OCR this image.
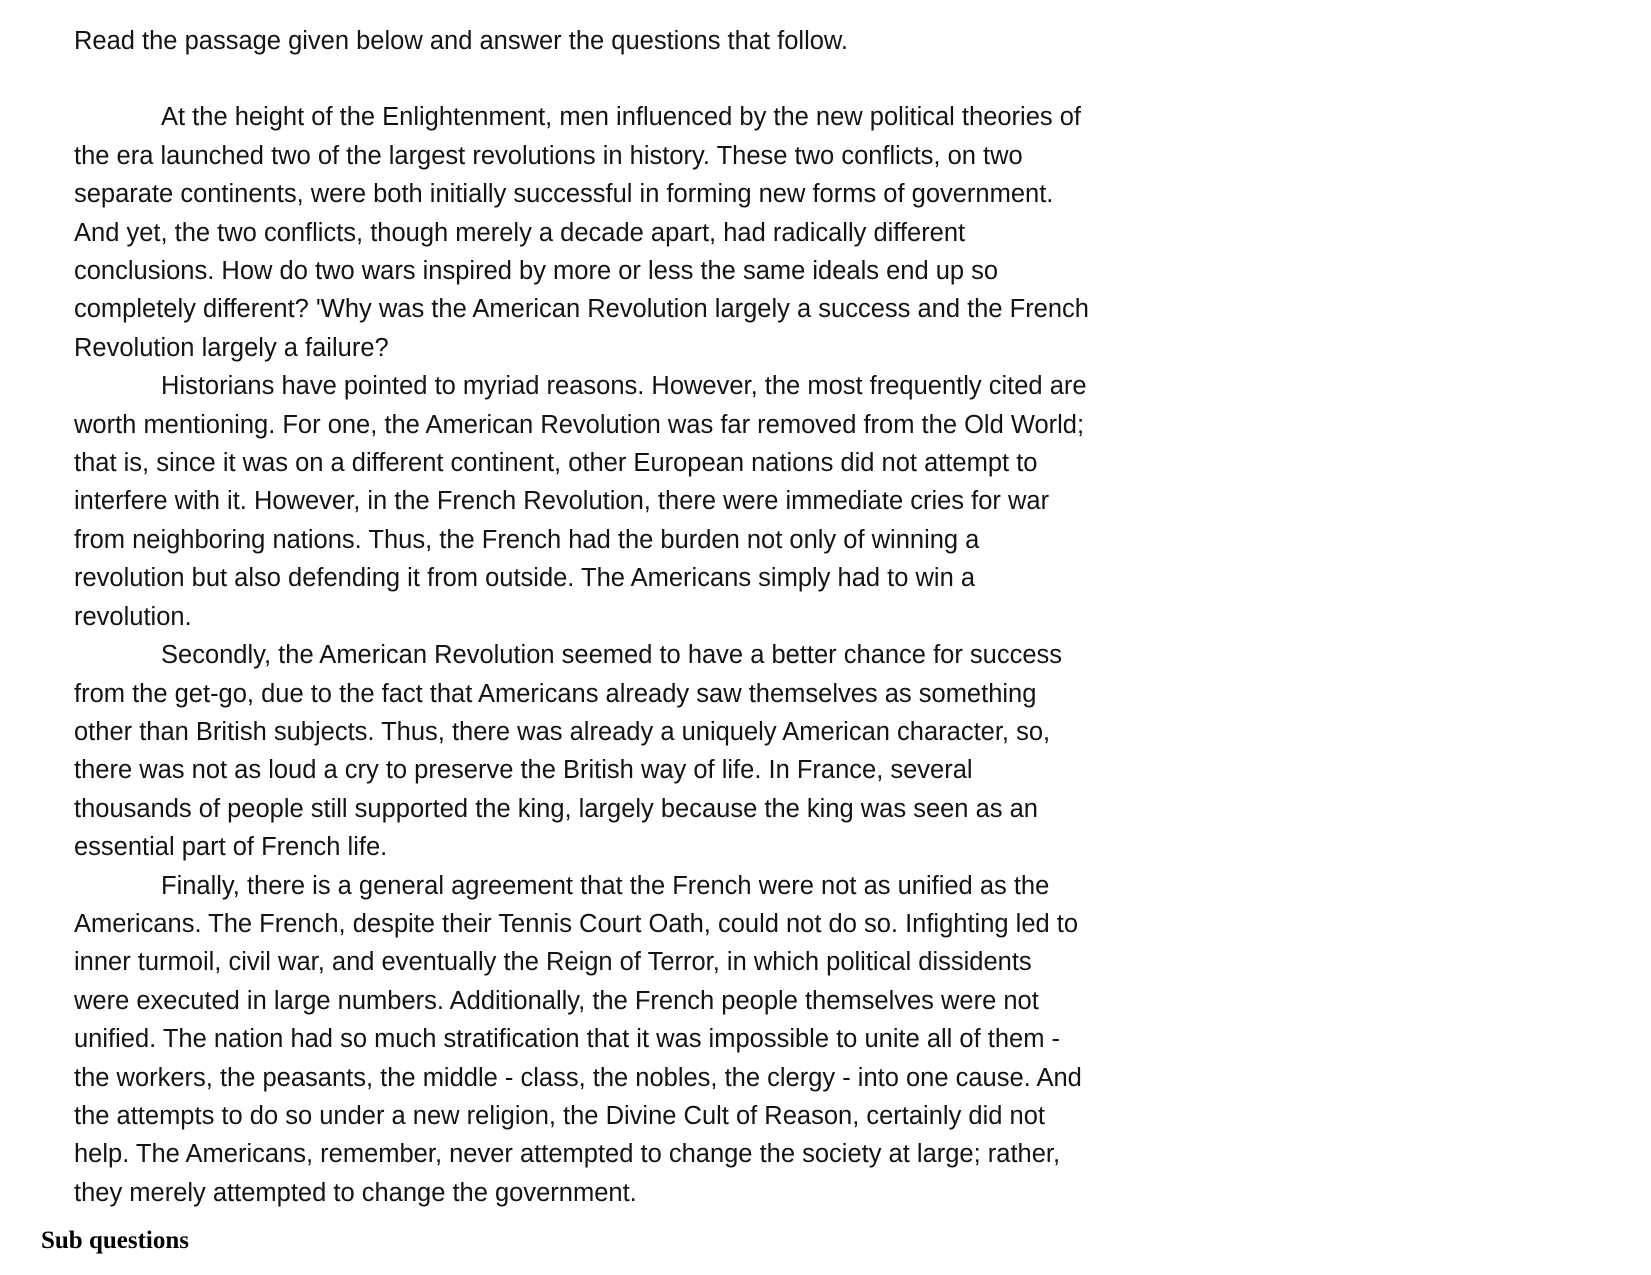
Read the passage given below and answer the questions that follow.

At the height of the Enlightenment, men influenced by the new political theories of
the era launched two of the largest revolutions in history. These two conflicts, on two
separate continents, were both initially successful in forming new forms of government.
And yet, the two conflicts, though merely a decade apart, had radically different
conclusions. How do two wars inspired by more or less the same ideals end up so
completely different? 'Why was the American Revolution largely a success and the French
Revolution largely a failure?

Historians have pointed to myriad reasons. However, the most frequently cited are
worth mentioning. For one, the American Revolution was far removed from the Old World;
that is, since it was on a different continent, other European nations did not attempt to
interfere with it. However, in the French Revolution, there were immediate cries for war
from neighboring nations. Thus, the French had the burden not only of winning a
revolution but also defending it from outside. The Americans simply had to win a
revolution.

Secondly, the American Revolution seemed to have a better chance for success
from the get-go, due to the fact that Americans already saw themselves as something
other than British subjects. Thus, there was already a uniquely American character, so,
there was not as loud a cry to preserve the British way of life. In France, several
thousands of people still supported the king, largely because the king was seen as an
essential part of French life.

Finally, there is a general agreement that the French were not as unified as the
Americans. The French, despite their Tennis Court Oath, could not do so. Infighting led to
inner turmoil, civil war, and eventually the Reign of Terror, in which political dissidents
were executed in large numbers. Additionally, the French people themselves were not
unified. The nation had so much stratification that it was impossible to unite all of them -
the workers, the peasants, the middle - class, the nobles, the clergy - into one cause. And
the attempts to do so under a new religion, the Divine Cult of Reason, certainly did not
help. The Americans, remember, never attempted to change the society at large; rather,
they merely attempted to change the government.

Sub questions
